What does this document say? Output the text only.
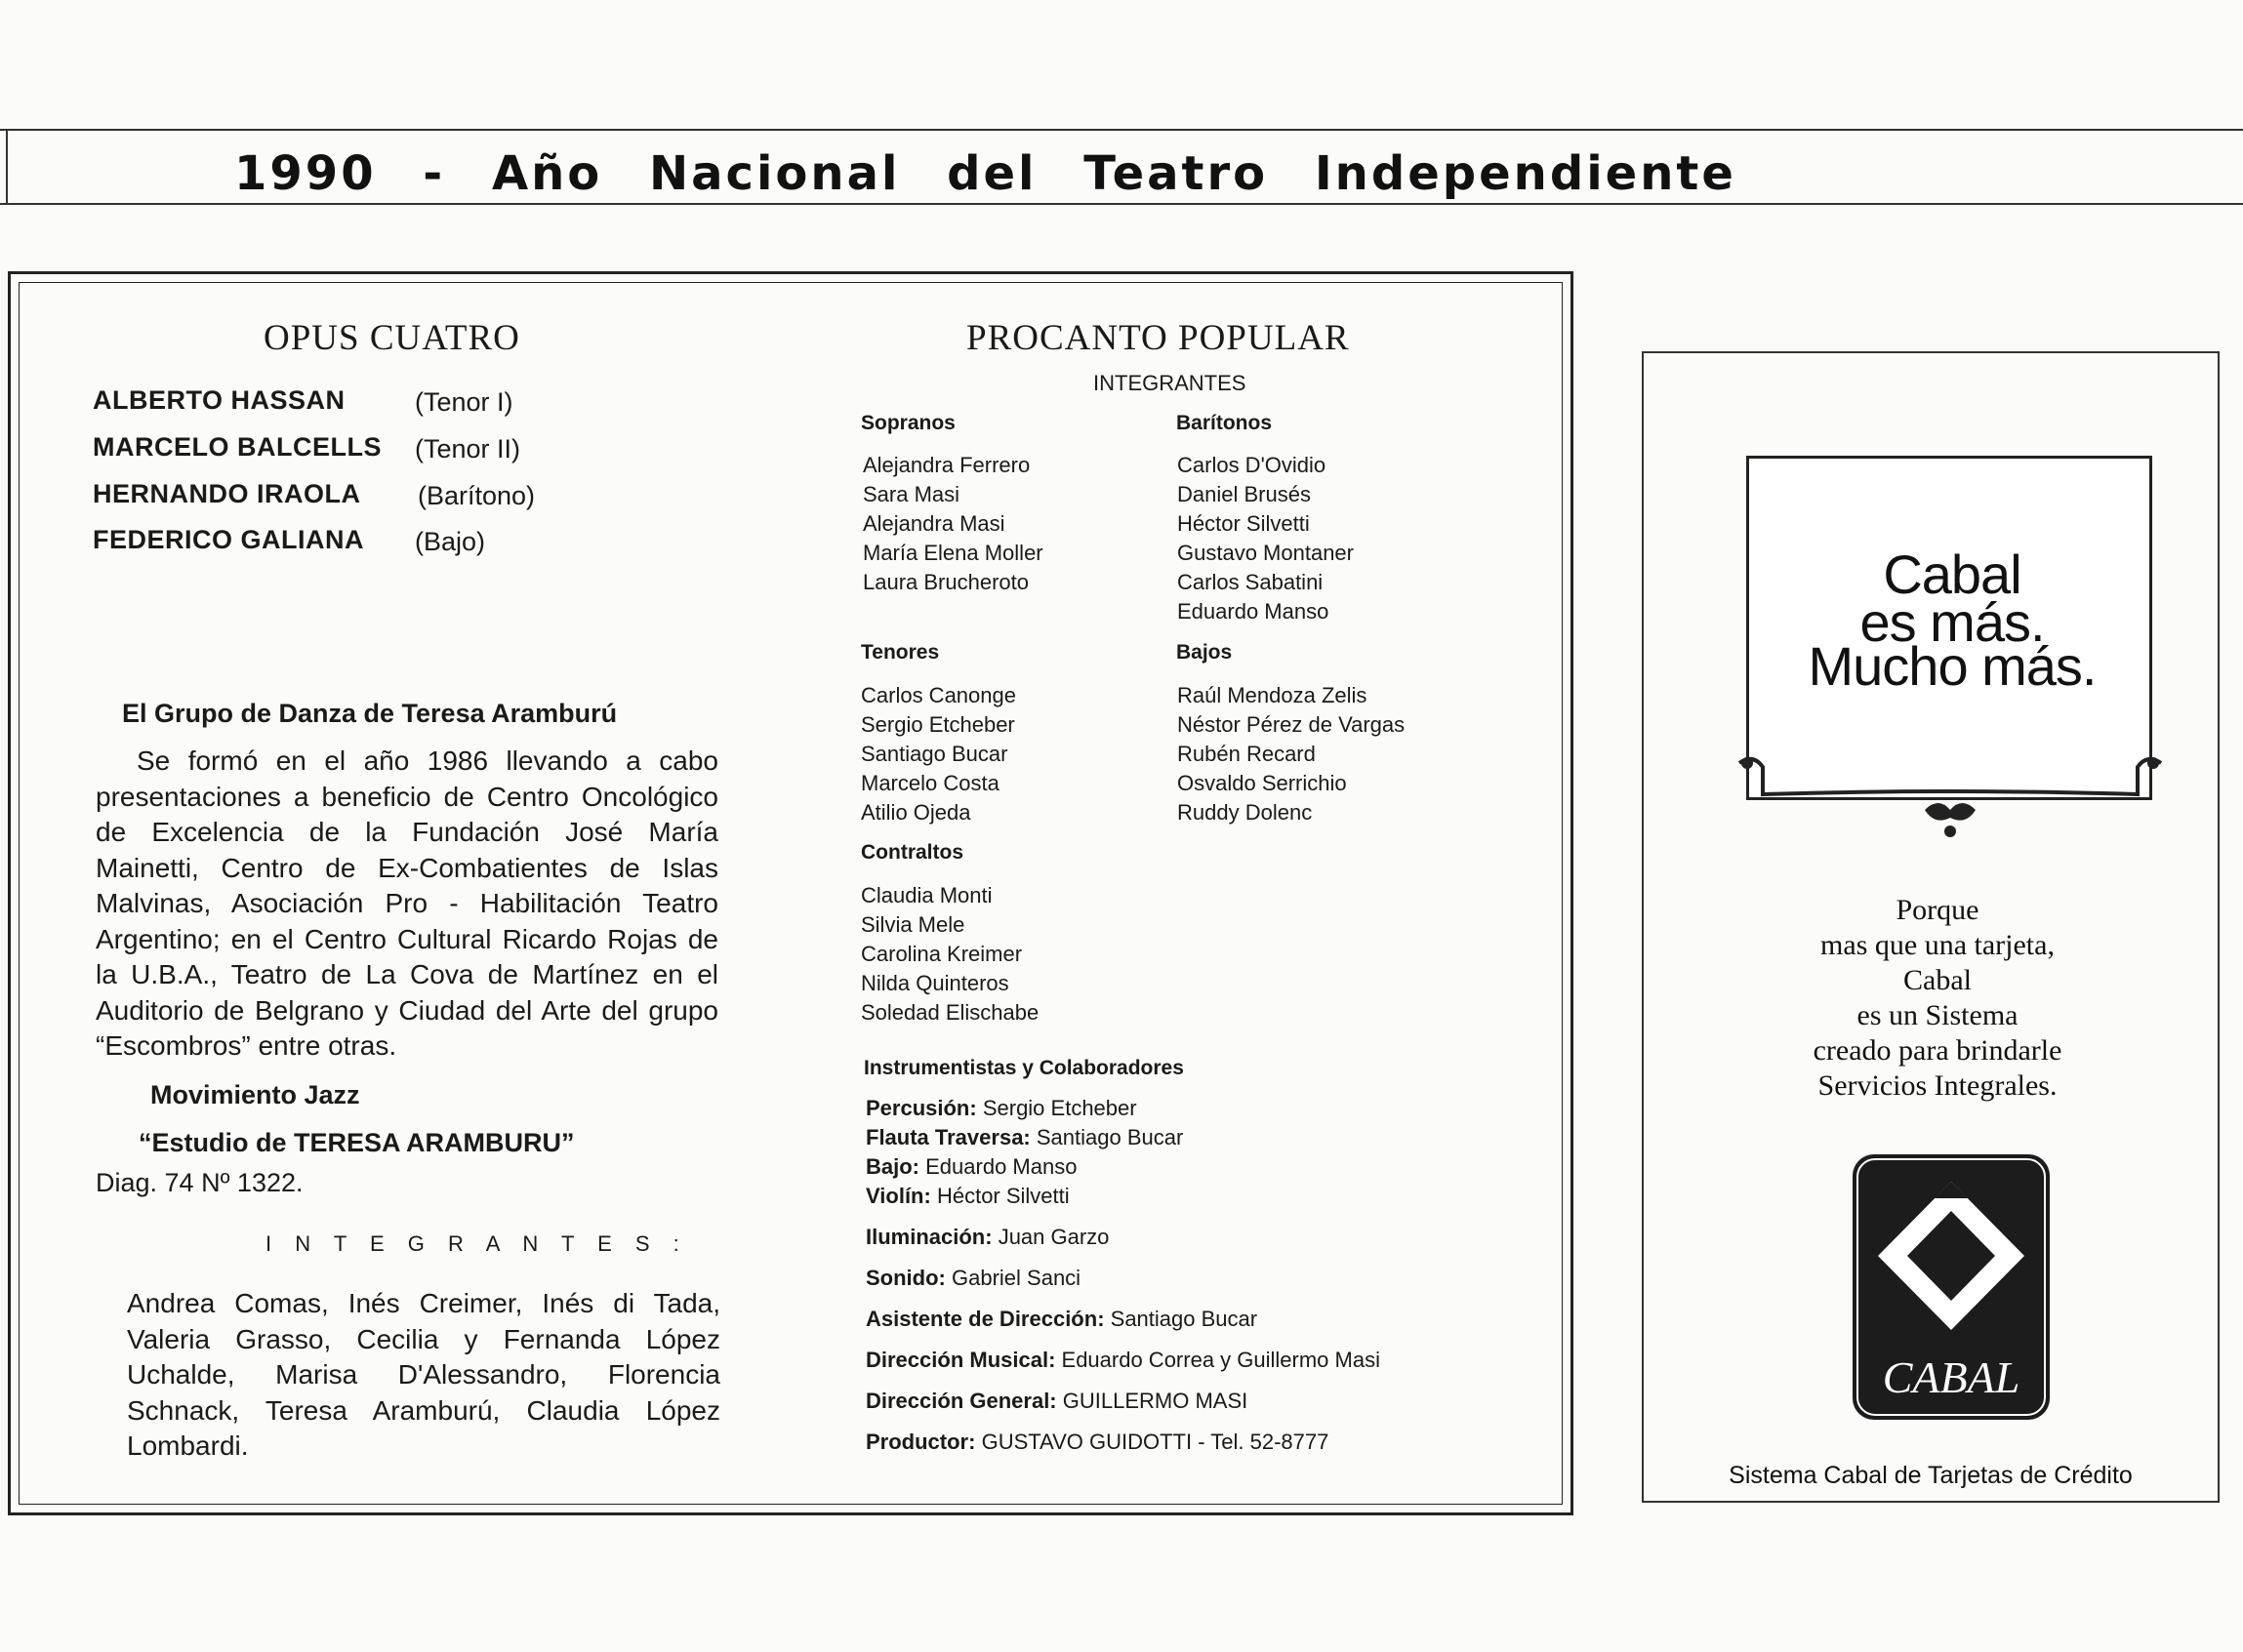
1990 - Año Nacional del Teatro Independiente
OPUS CUATRO
ALBERTO HASSAN	(Tenor I)
MARCELO BALCELLS (Tenor II)
HERNANDO IRAOLA (Barítono)
FEDERICO GALIANA (Bajo)
El Grupo de Danza de Teresa Aramburú
Se formó en el año 1986 llevando a cabo presentaciones a beneficio de Centro Oncológico de Excelencia de la Fundación José María Mainetti, Centro de Ex-Combatientes de Islas Malvinas, Asociación Pro - Habilitación Teatro Argentino; en el Centro Cultural Ricardo Rojas de la U.B.A., Teatro de La Cova de Martínez en el Auditorio de Belgrano y Ciudad del Arte del grupo “Escombros” entre otras.
Movimiento Jazz
“Estudio de TERESA ARAMBURU”
Diag. 74 Nº 1322.
I N T E G R A N T E S :
Andrea Comas, Inés Creimer, Inés di Tada, Valeria Grasso, Cecilia y Fernanda López Uchalde, Marisa D'Alessandro, Florencia Schnack, Teresa Aramburú, Claudia López Lombardi.
PROCANTO POPULAR
INTEGRANTES
Sopranos
Alejandra Ferrero
Sara Masi
Alejandra Masi
María Elena Moller
Laura Brucheroto
Barítonos
Carlos D'Ovidio
Daniel Brusés
Héctor Silvetti
Gustavo Montaner
Carlos Sabatini
Eduardo Manso
Tenores
Carlos Canonge
Sergio Etcheber
Santiago Bucar
Marcelo Costa
Atilio Ojeda
Bajos
Raúl Mendoza Zelis
Néstor Pérez de Vargas
Rubén Recard
Osvaldo Serrichio
Ruddy Dolenc
Contraltos
Claudia Monti
Silvia Mele
Carolina Kreimer
Nilda Quinteros
Soledad Elischabe
Instrumentistas y Colaboradores
Percusión: Sergio Etcheber
Flauta Traversa: Santiago Bucar
Bajo: Eduardo Manso
Violín: Héctor Silvetti
Iluminación: Juan Garzo
Sonido: Gabriel Sanci
Asistente de Dirección: Santiago Bucar
Dirección Musical: Eduardo Correa y Guillermo Masi
Dirección General: GUILLERMO MASI
Productor: GUSTAVO GUIDOTTI - Tel. 52-8777
Cabal
es más.
Mucho más.
Porque
mas que una tarjeta,
Cabal
es un Sistema
creado para brindarle
Servicios Integrales.
CABAL
Sistema Cabal de Tarjetas de Crédito
